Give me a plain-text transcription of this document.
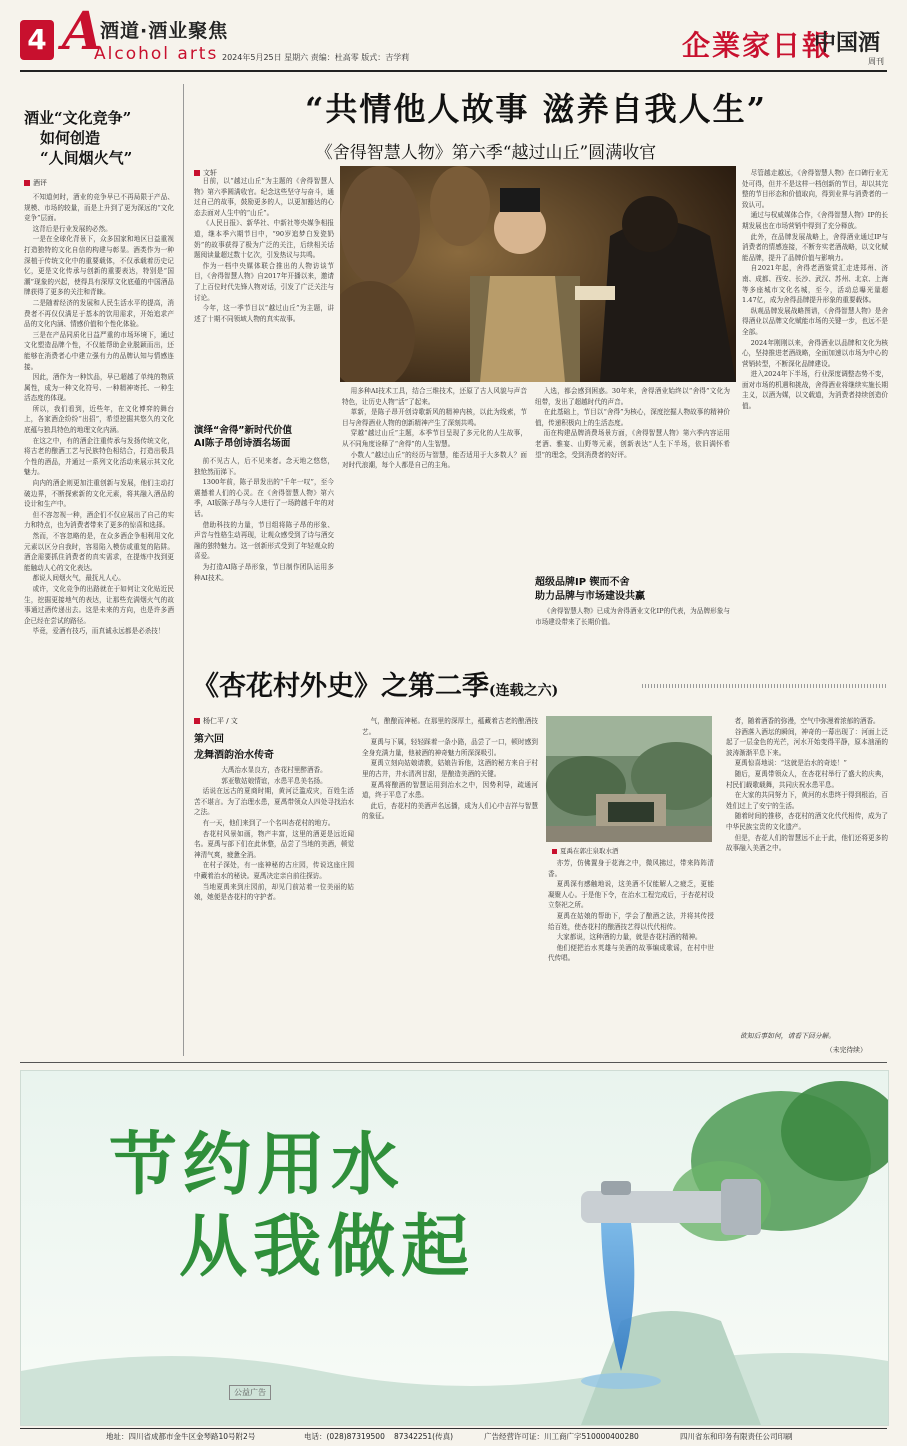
4 A
酒道·酒业聚焦
Alcohol arts 2024年5月25日 星期六 责编：杜高零 版式：吉学莉	企業家日報
中国酒
周刊
酒业“文化竞争”
如何创造
“人间烟火气”
酒评

不知道何时，酒业的竞争早已不再局限于产品、规模、市场的较量，而是上升到了更为深远的“文化竞争”层面。

这背后是行业发展的必然。

一是在全球化背景下，众多国家和地区日益重视打造独特的文化自信的构建与彰显。酒类作为一种深植于传统文化中的重要载体，不仅承载着历史记忆，更是文化传承与创新的重要表达，特别是“国潮”现象的兴起，使得具有深厚文化底蕴的中国酒品牌获得了更多的关注和青睐。

二是随着经济的发展和人民生活水平的提高，消费者不再仅仅满足于基本的饮用需求，开始追求产品的文化内涵、情感价值和个性化体验。

三是在产品同质化日益严重的市场环境下，通过文化塑造品牌个性，不仅能帮助企业脱颖而出，还能够在消费者心中建立强有力的品牌认知与情感连接。

因此，酒作为一种饮品，早已超越了单纯的物质属性，成为一种文化符号、一种精神寄托、一种生活态度的体现。

所以，我们看到，近些年，在文化博弈的舞台上，各家酒企纷纷“出招”，希望挖掘其悠久的文化底蕴与独具特色的地理文化内涵。

在这之中，有的酒企注重传承与发扬传统文化，将古老的酿酒工艺与民族特色相结合，打造出极具个性的酒品，并通过一系列文化活动来展示其文化魅力。

向内的酒企则更加注重创新与发展，他们主动打破边界，不断探索新的文化元素，将其融入酒品的设计和生产中。

但不容忽视一种，酒企们不仅应展出了自己的实力和特点，也为消费者带来了更多的惊喜和选择。

然而，不容忽略的是，在众多酒企争相利用文化元素以区分自我时，容易陷入模仿或重复的陷阱。酒企需要抓住消费者的真实需求，在提炼中找到更能触动人心的文化表达。

都说人间烟火气，最抚凡人心。

或许，文化竞争的出路就在于如何让文化贴近民生，挖掘更接地气的表达，让那些充满烟火气的故事通过酒传递出去。这是未来的方向，也是许多酒企已经在尝试的路径。

毕竟，爱酒有技巧，而真诚永远都是必杀技！

“共情他人故事 滋养自我人生”
《舍得智慧人物》第六季“越过山丘”圆满收官
文轩

日前，以“越过山丘”为主题的《舍得智慧人物》第六季圆满收官。纪念这些坚守与奋斗，通过自己的故事，鼓励更多的人，以更加豁达的心态去面对人生中的“山丘”。

《人民日报》、新华社、中新社等央媒争相报道，继本季六期节目中，“90岁追梦白发瓷奶奶”的故事获得了极为广泛的关注，后续相关话题阅读量超过数十亿次，引发热议与共鸣。

作为一档中央媒体联合推出的人物访谈节目，《舍得智慧人物》自2017年开播以来，邀请了上百位时代先锋人物对话，引发了广泛关注与讨论。

今年，这一季节目以“越过山丘”为主题，讲述了十期不同领域人物的真实故事。

演绎“舍得”新时代价值
AI陈子昂创诗酒名场面

前不见古人，后不见来者。念天地之悠悠，独怆然而涕下。

1300年前，陈子昂发出的“千年一叹”，至今震撼着人们的心灵。在《舍得智慧人物》第六季，AI版陈子昂与今人进行了一场跨越千年的对话。

借助科技的力量，节目组将陈子昂的形象、声音与性格生动再现，让观众感受到了诗与酒交融的独特魅力。这一创新形式受到了年轻观众的喜爱。

为打造AI陈子昂形象，节目制作团队运用多种AI技术。

用多种AI技术工具，结合三维技术，还原了古人风貌与声音特色，让历史人物“活”了起来。

革新，是陈子昂开创诗歌新风的精神内核，以此为线索，节目与舍得酒业人物的创新精神产生了深刻共鸣。

穿越“越过山丘”主题，本季节目呈现了多元化的人生故事，从不同角度诠释了“舍得”的人生智慧。

小数人“越过山丘”的经历与智慧，能否适用于大多数人？面对时代浪潮，每个人都是自己的主角。

入选，都会感到困惑。30年来，舍得酒业始终以“舍得”文化为纽带，发出了超越时代的声音。

在此基础上，节目以“舍得”为核心，深度挖掘人物故事的精神价值，传递积极向上的生活态度。

而在构建品牌消费场景方面，《舍得智慧人物》第六季内容运用老酒、雅宴、山野等元素，创新表达“人生下半场，依旧满怀希望”的理念，受到消费者的好评。

超级品牌IP 锲而不舍
助力品牌与市场建设共赢

《舍得智慧人物》已成为舍得酒业文化IP的代表，为品牌形象与市场建设带来了长期价值。

尽管越走越远，《舍得智慧人物》在口碑行业无处可得，但并不是这样一档创新的节目，却以其完整的节目形态和价值取向，得到业界与消费者的一致认可。

通过与权威媒体合作，《舍得智慧人物》IP的长期发展也在市场营销中得到了充分释放。

此外，在品牌发展战略上，舍得酒业通过IP与消费者的情感连接，不断夯实老酒战略，以文化赋能品牌，提升了品牌价值与影响力。

自2021年起，舍得老酒鉴赏汇走进郑州、济南、成都、西安、长沙、武汉、苏州、北京、上海等多座城市文化名城，至今，活动总曝光量超1.47亿，成为舍得品牌提升形象的重要载体。

纵观品牌发展战略图谱，《舍得智慧人物》是舍得酒业以品牌文化赋能市场的关键一步，也远不是全部。

2024年刚刚以来，舍得酒业以品牌和文化为核心，坚持推进老酒战略，全面加速以市场为中心的营销转型，不断深化品牌建设。

进入2024年下半场，行业深度调整态势不变，面对市场的机遇和挑战，舍得酒业将继续实施长期主义，以酒为媒，以文载道，为消费者持续创造价值。

《杏花村外史》之第二季(连载之六)
杨仁平 / 文
第六回
龙舞酒韵治水传奇

大禹治水显良方，杏花村里醉酒香。

郭亚敬姑娘情谊，水患平息美名扬。

话说在远古的夏商时期，黄河泛滥成灾，百姓生活苦不堪言。为了治理水患，夏禹带领众人四处寻找治水之法。

有一天，他们来到了一个名叫杏花村的地方。

杏花村风景如画，物产丰富，这里的酒更是远近闻名。夏禹与部下们在此休整，品尝了当地的美酒，顿觉神清气爽，疲惫全消。

在村子深处，有一座神秘的古庄园，传说这座庄园中藏着治水的秘诀。夏禹决定亲自前往探访。

当地夏禹来到庄园前，却见门前站着一位美丽的姑娘，她便是杏花村的守护者。

气，酿酿而神秘。在那里的深厚土，蕴藏着古老的酿酒技艺。

夏禹与下属，轻轻踩着一条小路，品尝了一口，顿时感到全身充满力量，他被酒的神奇魅力所深深吸引。

夏禹立刻向姑娘请教，姑娘告诉他，这酒的秘方来自于村里的古井，井水清冽甘甜，是酿造美酒的关键。

夏禹将酿酒的智慧运用到治水之中，因势利导，疏通河道，终于平息了水患。

此后，杏花村的美酒声名远播，成为人们心中吉祥与智慧的象征。

夏禹在郭庄泉取水酒

亦芳，仿佛置身于花海之中，微风拂过，带来阵阵清香。

夏禹深有感触地说，这美酒不仅能解人之疲乏，更能凝聚人心。于是他下令，在治水工程完成后，于杏花村设立祭祀之所。

夏禹在姑娘的帮助下，学会了酿酒之法，并将其传授给百姓，使杏花村的酿酒技艺得以代代相传。

大家都说，这种酒的力量，就是杏花村酒的精神。

他们便把治水英雄与美酒的故事编成歌谣，在村中世代传唱。

者，随着酒香的弥漫，空气中弥漫着浓郁的酒香。

谷酒落入酒坛的瞬间，神奇的一幕出现了：河面上泛起了一层金色的光芒，河水开始变得平静，原本汹涌的波涛渐渐平息下来。

夏禹惊喜地说：“这就是治水的奇迹！”

随后，夏禹带领众人，在杏花村举行了盛大的庆典，村民们载歌载舞，共同庆祝水患平息。

在大家的共同努力下，黄河的水患终于得到根治，百姓们过上了安宁的生活。

随着时间的推移，杏花村的酒文化代代相传，成为了中华民族宝贵的文化遗产。

但是，杏花人们的智慧远不止于此，他们还将更多的故事融入美酒之中。

欲知后事如何，请看下回分解。
（未完待续）
节约用水
从我做起
公益广告
地址：四川省成都市金牛区金琴路10号附2号	电话：(028)87319500 87342251(传真)	广告经营许可证：川工商广字510000400280	四川省东和印务有限责任公司印刷
